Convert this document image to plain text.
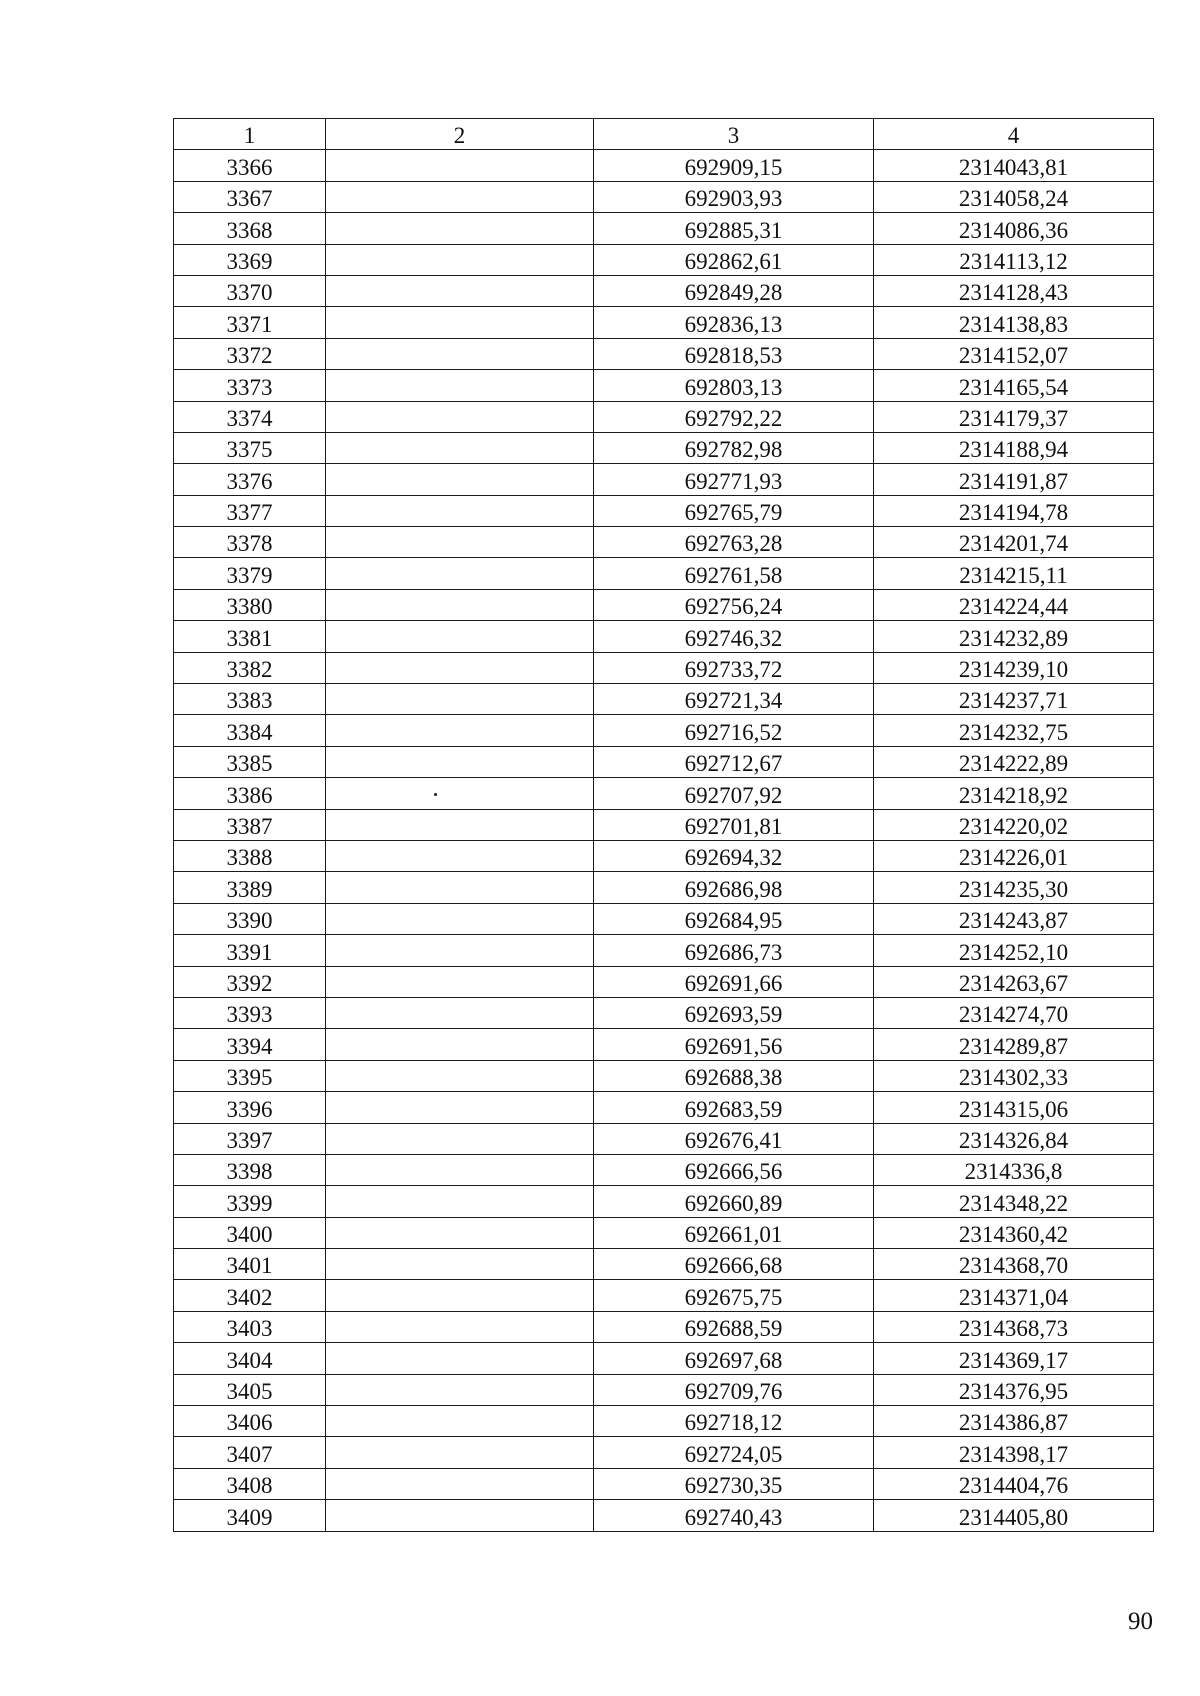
1	2	3	4
3366		692909,15	2314043,81
3367		692903,93	2314058,24
3368		692885,31	2314086,36
3369		692862,61	2314113,12
3370		692849,28	2314128,43
3371		692836,13	2314138,83
3372		692818,53	2314152,07
3373		692803,13	2314165,54
3374		692792,22	2314179,37
3375		692782,98	2314188,94
3376		692771,93	2314191,87
3377		692765,79	2314194,78
3378		692763,28	2314201,74
3379		692761,58	2314215,11
3380		692756,24	2314224,44
3381		692746,32	2314232,89
3382		692733,72	2314239,10
3383		692721,34	2314237,71
3384		692716,52	2314232,75
3385		692712,67	2314222,89
3386		692707,92	2314218,92
3387		692701,81	2314220,02
3388		692694,32	2314226,01
3389		692686,98	2314235,30
3390		692684,95	2314243,87
3391		692686,73	2314252,10
3392		692691,66	2314263,67
3393		692693,59	2314274,70
3394		692691,56	2314289,87
3395		692688,38	2314302,33
3396		692683,59	2314315,06
3397		692676,41	2314326,84
3398		692666,56	2314336,8
3399		692660,89	2314348,22
3400		692661,01	2314360,42
3401		692666,68	2314368,70
3402		692675,75	2314371,04
3403		692688,59	2314368,73
3404		692697,68	2314369,17
3405		692709,76	2314376,95
3406		692718,12	2314386,87
3407		692724,05	2314398,17
3408		692730,35	2314404,76
3409		692740,43	2314405,80
90
